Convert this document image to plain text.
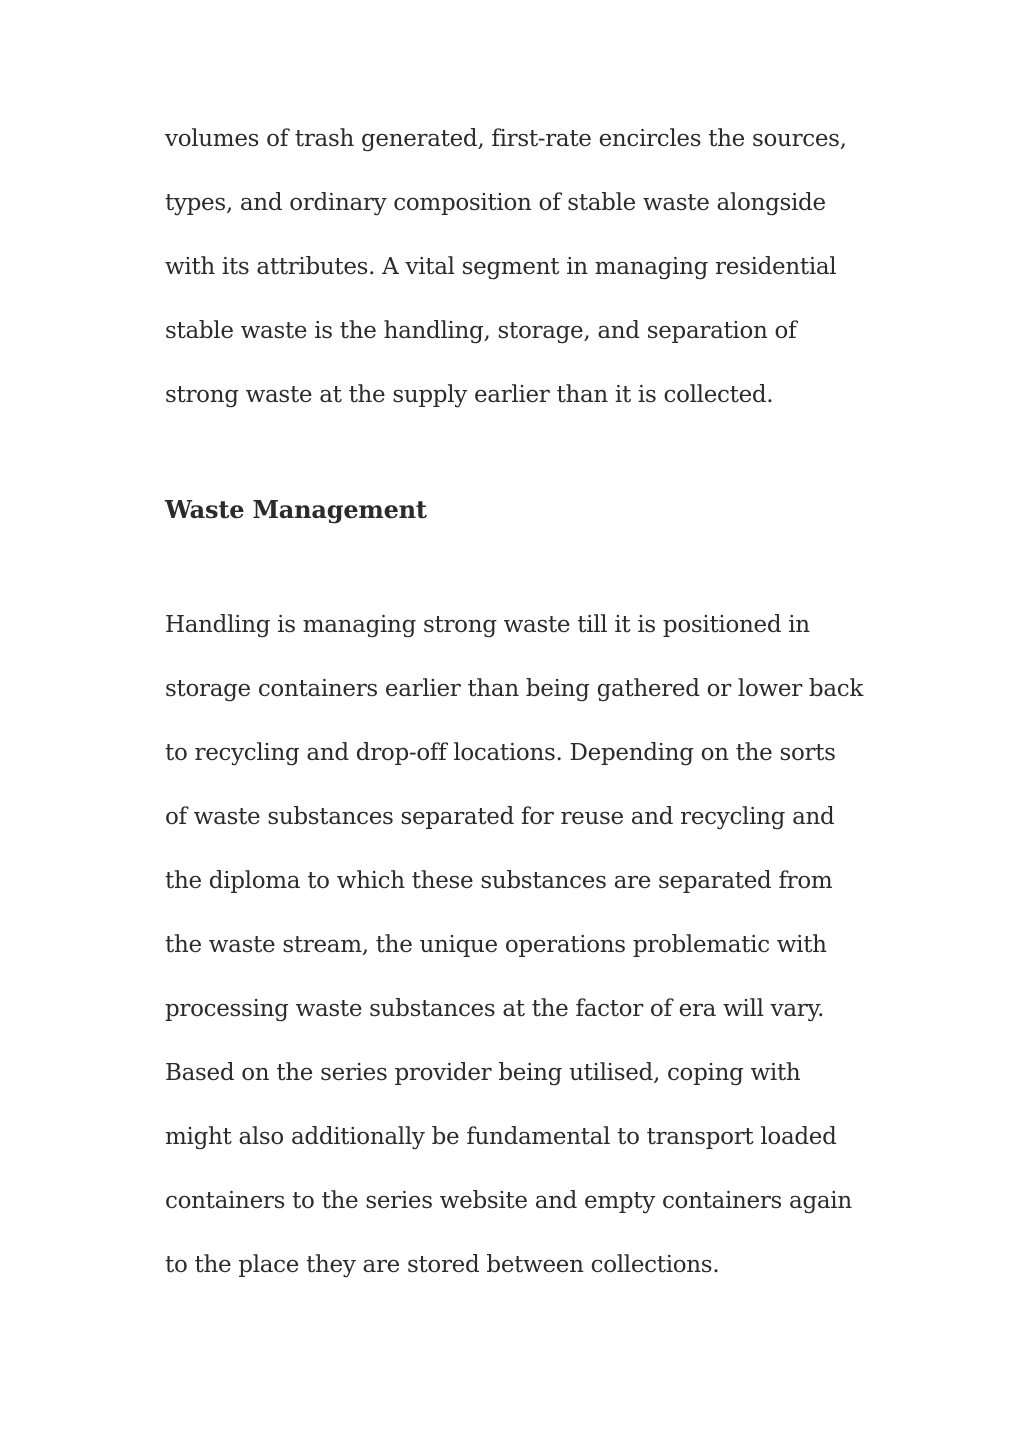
volumes of trash generated, first-rate encircles the sources,
types, and ordinary composition of stable waste alongside
with its attributes. A vital segment in managing residential
stable waste is the handling, storage, and separation of
strong waste at the supply earlier than it is collected.
Waste Management
Handling is managing strong waste till it is positioned in
storage containers earlier than being gathered or lower back
to recycling and drop-off locations. Depending on the sorts
of waste substances separated for reuse and recycling and
the diploma to which these substances are separated from
the waste stream, the unique operations problematic with
processing waste substances at the factor of era will vary.
Based on the series provider being utilised, coping with
might also additionally be fundamental to transport loaded
containers to the series website and empty containers again
to the place they are stored between collections.
